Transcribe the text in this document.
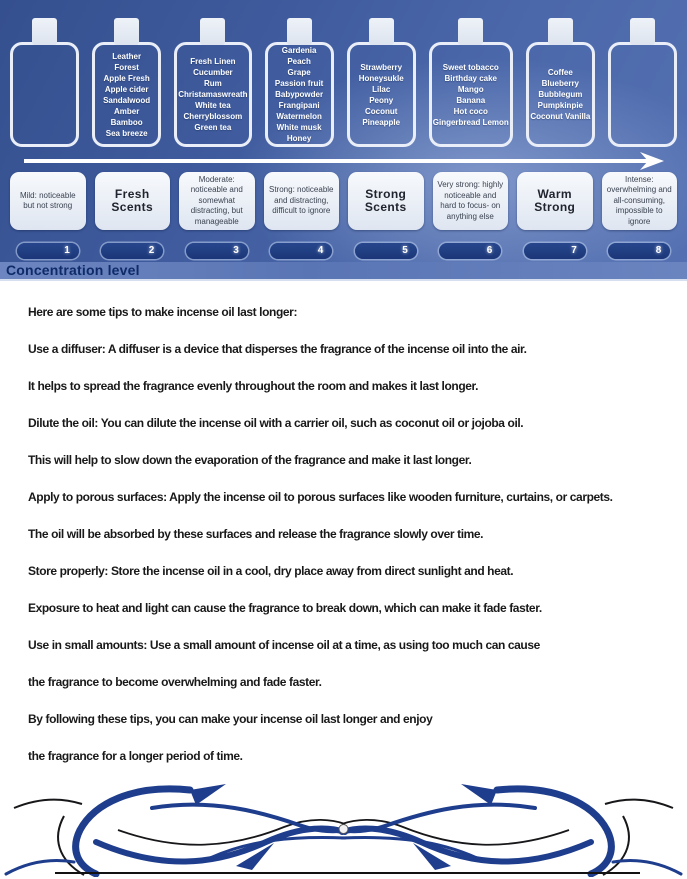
Leather
Forest
Apple Fresh
Apple cider
Sandalwood
Amber
Bamboo
Sea breeze
Fresh Linen
Cucumber
Rum
Christamaswreath
White tea
Cherryblossom
Green tea
Gardenia
Peach
Grape
Passion fruit
Babypowder
Frangipani
Watermelon
White musk
Honey
Strawberry
Honeysukle
Lilac
Peony
Coconut
Pineapple
Sweet tobacco
Birthday cake
Mango
Banana
Hot coco
Gingerbread Lemon
Coffee
Blueberry
Bubblegum
Pumpkinpie
Coconut Vanilla
Mild: noticeable but not strong
1
Fresh Scents
2
Moderate: noticeable and somewhat distracting, but manageable
3
Strong: noticeable and distracting, difficult to ignore
4
Strong Scents
5
Very strong: highly noticeable and hard to focus- on anything else
6
Warm Strong
7
Intense: overwhelming and all-consuming, impossible to ignore
8
Concentration level

Here are some tips to make incense oil last longer:

Use a diffuser: A diffuser is a device that disperses the fragrance of the incense oil into the air.

It helps to spread the fragrance evenly throughout the room and makes it last longer.

Dilute the oil: You can dilute the incense oil with a carrier oil, such as coconut oil or jojoba oil.

This will help to slow down the evaporation of the fragrance and make it last longer.

Apply to porous surfaces: Apply the incense oil to porous surfaces like wooden furniture, curtains, or carpets.

The oil will be absorbed by these surfaces and release the fragrance slowly over time.

Store properly: Store the incense oil in a cool, dry place away from direct sunlight and heat.

Exposure to heat and light can cause the fragrance to break down, which can make it fade faster.

Use in small amounts: Use a small amount of incense oil at a time, as using too much can cause

the fragrance to become overwhelming and fade faster.

By following these tips, you can make your incense oil last longer and enjoy

the fragrance for a longer period of time.
